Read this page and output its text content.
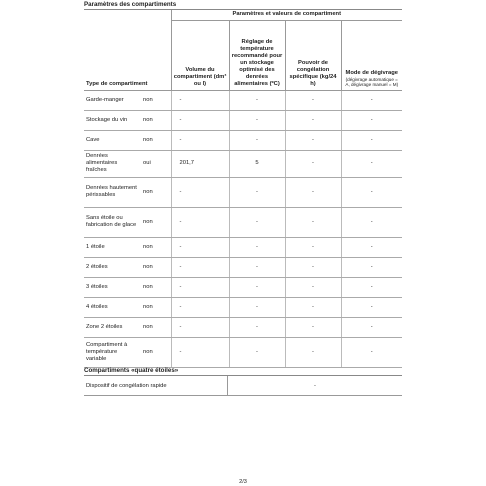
Paramètres des compartiments
		Paramètres et valeurs de compartiment			
Type de compartiment		Volume du compartiment (dm³ ou l)	Réglage de température recommandé pour un stockage optimisé des denrées alimentaires (ºC)	Pouvoir de congélation spécifique (kg/24 h)	Mode de dégivrage
(dégivrage automatique = A, dégivrage manuel = M)

Garde-manger	non	-	-	-	-
Stockage du vin	non	-	-	-	-
Cave	non	-	-	-	-
Denrées alimentaires fraîches	oui	201,7	5	-	-
Denrées hautement périssables	non	-	-	-	-
Sans étoile ou fabrication de glace	non	-	-	-	-
1 étoile	non	-	-	-	-
2 étoiles	non	-	-	-	-
3 étoiles	non	-	-	-	-
4 étoiles	non	-	-	-	-
Zone 2 étoiles	non	-	-	-	-
Compartiment à température variable	non	-	-	-	-
Compartiments «quatre étoiles»
Dispositif de congélation rapide	-
2/3
